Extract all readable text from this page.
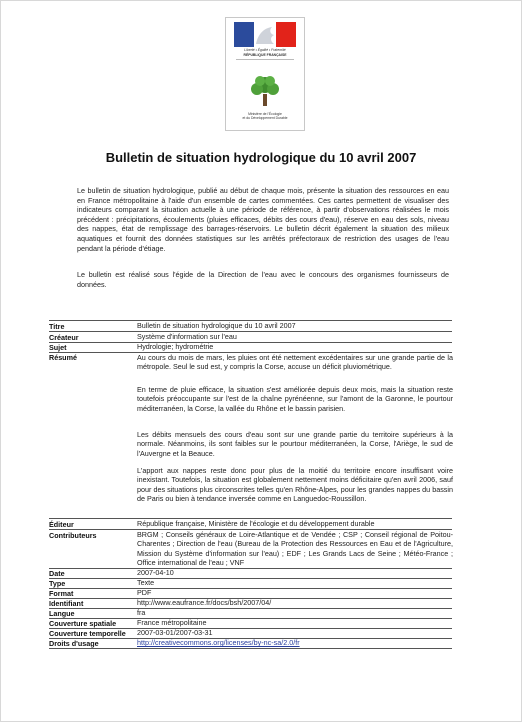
Liberté • Égalité • Fraternité
RÉPUBLIQUE FRANÇAISE
Ministère de l'Écologie
et du Développement Durable
Bulletin de situation hydrologique du 10 avril 2007

Le bulletin de situation hydrologique, publié au début de chaque mois, présente la situation des ressources en eau en France métropolitaine à l'aide d'un ensemble de cartes commentées. Ces cartes permettent de visualiser des indicateurs comparant la situation actuelle à une période de référence, à partir d'observations réalisées le mois précédent : précipitations, écoulements (pluies efficaces, débits des cours d'eau), réserve en eau des sols, niveau des nappes, état de remplissage des barrages-réservoirs. Le bulletin décrit également la situation des milieux aquatiques et fournit des données statistiques sur les arrêtés préfectoraux de restriction des usages de l'eau pendant la période d'étiage.

Le bulletin est réalisé sous l'égide de la Direction de l'eau avec le concours des organismes fournisseurs de données.

Titre	Bulletin de situation hydrologique du 10 avril 2007

Créateur	Système d'information sur l'eau

Sujet	Hydrologie; hydrométrie

Résumé	Au cours du mois de mars, les pluies ont été nettement excédentaires sur une grande partie de la métropole. Seul le sud est, y compris la Corse, accuse un déficit pluviométrique.

En terme de pluie efficace, la situation s'est améliorée depuis deux mois, mais la situation reste toutefois préoccupante sur l'est de la chaîne pyrénéenne, sur l'amont de la Garonne, le pourtour méditerranéen, la Corse, la vallée du Rhône et le bassin parisien.

Les débits mensuels des cours d'eau sont sur une grande partie du territoire supérieurs à la normale. Néanmoins, ils sont faibles sur le pourtour méditerranéen, la Corse, l'Ariège, le sud de l'Auvergne et la Beauce.

L'apport aux nappes reste donc pour plus de la moitié du territoire encore insuffisant voire inexistant. Toutefois, la situation est globalement nettement moins déficitaire qu'en avril 2006, sauf pour des situations plus circonscrites telles qu'en Rhône-Alpes, pour les grandes nappes du bassin de Paris ou bien à tendance inversée comme en Languedoc-Roussillon.

Éditeur	République française, Ministère de l'écologie et du développement durable

Contributeurs	BRGM ; Conseils généraux de Loire-Atlantique et de Vendée ; CSP ; Conseil régional de Poitou-Charentes ; Direction de l'eau (Bureau de la Protection des Ressources en Eau et de l'Agriculture, Mission du Système d'information sur l'eau) ; EDF ; Les Grands Lacs de Seine ; Météo-France ; Office international de l'eau ; VNF

Date	2007-04-10

Type	Texte

Format	PDF

Identifiant	http://www.eaufrance.fr/docs/bsh/2007/04/

Langue	fra

Couverture spatiale	France métropolitaine

Couverture temporelle 2007-03-01/2007-03-31

Droits d'usage	http://creativecommons.org/licenses/by-nc-sa/2.0/fr
